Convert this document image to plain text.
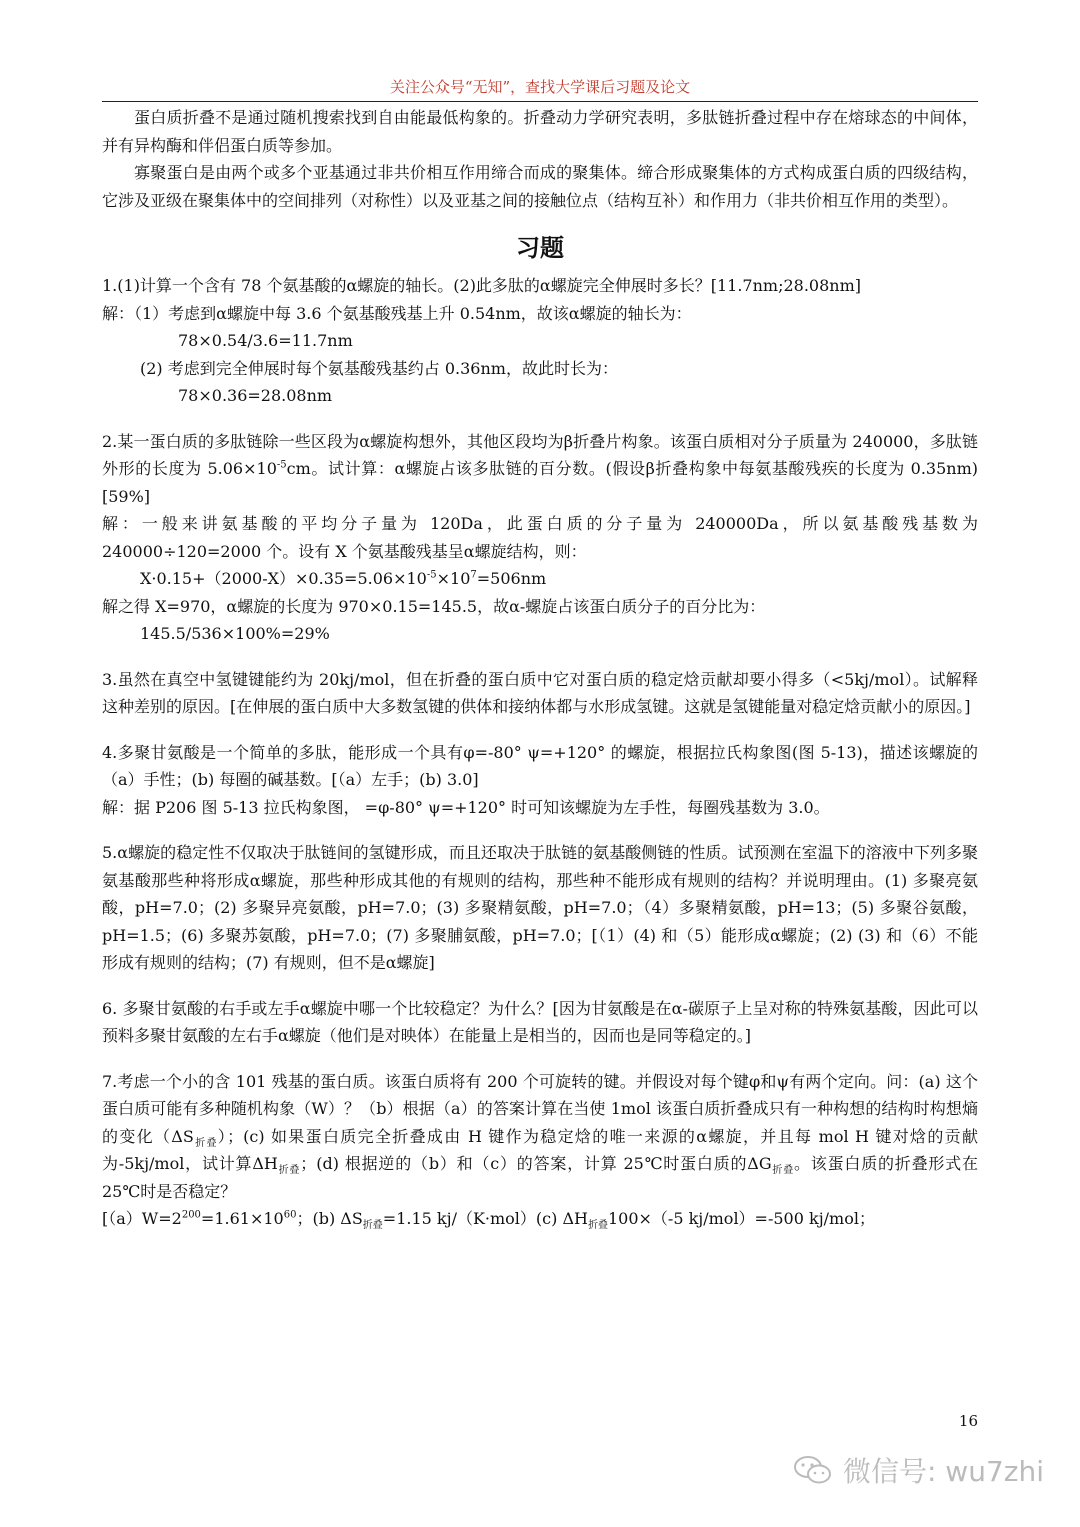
关注公众号“无知”，查找大学课后习题及论文

蛋白质折叠不是通过随机搜索找到自由能最低构象的。折叠动力学研究表明，多肽链折叠过程中存在熔球态的中间体，并有异构酶和伴侣蛋白质等参加。

寡聚蛋白是由两个或多个亚基通过非共价相互作用缔合而成的聚集体。缔合形成聚集体的方式构成蛋白质的四级结构，它涉及亚级在聚集体中的空间排列（对称性）以及亚基之间的接触位点（结构互补）和作用力（非共价相互作用的类型）。

习题

1.(1)计算一个含有 78 个氨基酸的α螺旋的轴长。(2)此多肽的α螺旋完全伸展时多长？[11.7nm;28.08nm]

解：（1）考虑到α螺旋中每 3.6 个氨基酸残基上升 0.54nm，故该α螺旋的轴长为：

78×0.54/3.6=11.7nm

(2) 考虑到完全伸展时每个氨基酸残基约占 0.36nm，故此时长为：

78×0.36=28.08nm

2.某一蛋白质的多肽链除一些区段为α螺旋构想外，其他区段均为β折叠片构象。该蛋白质相对分子质量为 240000，多肽链外形的长度为 $5.06\times 10^{-5}cm$。试计算：α螺旋占该多肽链的百分数。(假设β折叠构象中每氨基酸残疾的长度为 0.35nm) [59%]

解：一般来讲氨基酸的平均分子量为 120Da，此蛋白质的分子量为 240000Da，所以氨基酸残基数为 240000÷120=2000 个。设有 X 个氨基酸残基呈α螺旋结构，则：

$X\cdot 0.15+(2000-X)\times 0.35=5.06\times 10^{-5}\times 10^7=506nm$

解之得 X=970，α螺旋的长度为 970×0.15=145.5，故α-螺旋占该蛋白质分子的百分比为：

145.5/536×100%=29%

3.虽然在真空中氢键键能约为 20kj/mol，但在折叠的蛋白质中它对蛋白质的稳定焓贡献却要小得多（<5kj/mol）。试解释这种差别的原因。[在伸展的蛋白质中大多数氢键的供体和接纳体都与水形成氢键。这就是氢键能量对稳定焓贡献小的原因。]

4.多聚甘氨酸是一个简单的多肽，能形成一个具有φ=-80° ψ=+120° 的螺旋，根据拉氏构象图(图 5-13)，描述该螺旋的（a）手性；(b) 每圈的碱基数。[（a）左手；(b) 3.0]

解：据 P206 图 5-13 拉氏构象图， =φ-80° ψ=+120° 时可知该螺旋为左手性，每圈残基数为 3.0。

5.α螺旋的稳定性不仅取决于肽链间的氢键形成，而且还取决于肽链的氨基酸侧链的性质。试预测在室温下的溶液中下列多聚氨基酸那些种将形成α螺旋，那些种形成其他的有规则的结构，那些种不能形成有规则的结构？并说明理由。(1) 多聚亮氨酸，pH=7.0；(2) 多聚异亮氨酸，pH=7.0；(3) 多聚精氨酸，pH=7.0；（4）多聚精氨酸，pH=13；(5) 多聚谷氨酸，pH=1.5；(6) 多聚苏氨酸，pH=7.0；(7) 多聚脯氨酸，pH=7.0；[（1）(4) 和（5）能形成α螺旋；(2) (3) 和（6）不能形成有规则的结构；(7) 有规则，但不是α螺旋]

6. 多聚甘氨酸的右手或左手α螺旋中哪一个比较稳定？为什么？[因为甘氨酸是在α-碳原子上呈对称的特殊氨基酸，因此可以预料多聚甘氨酸的左右手α螺旋（他们是对映体）在能量上是相当的，因而也是同等稳定的。]

7.考虑一个小的含 101 残基的蛋白质。该蛋白质将有 200 个可旋转的键。并假设对每个键φ和ψ有两个定向。问：(a) 这个蛋白质可能有多种随机构象（W）？（b）根据（a）的答案计算在当使 1mol 该蛋白质折叠成只有一种构想的结构时构想熵的变化$(\Delta S_{折叠})$；(c) 如果蛋白质完全折叠成由 H 键作为稳定焓的唯一来源的α螺旋，并且每 mol H 键对焓的贡献为-5kj/mol，试计算$\Delta H_{折叠}$；(d) 根据逆的（b）和（c）的答案，计算 25℃时蛋白质的$\Delta G_{折叠}$。该蛋白质的折叠形式在 25℃时是否稳定？

[$(a)W=2^{200}=1.61\times 10^{60}$；(b) $\Delta S_{折叠}=1.15$ kj/（K·mol）(c) $\Delta H_{折叠}100\times(-5$ kj/mol）=-500 kj/mol；

16
微信号: wu7zhi
